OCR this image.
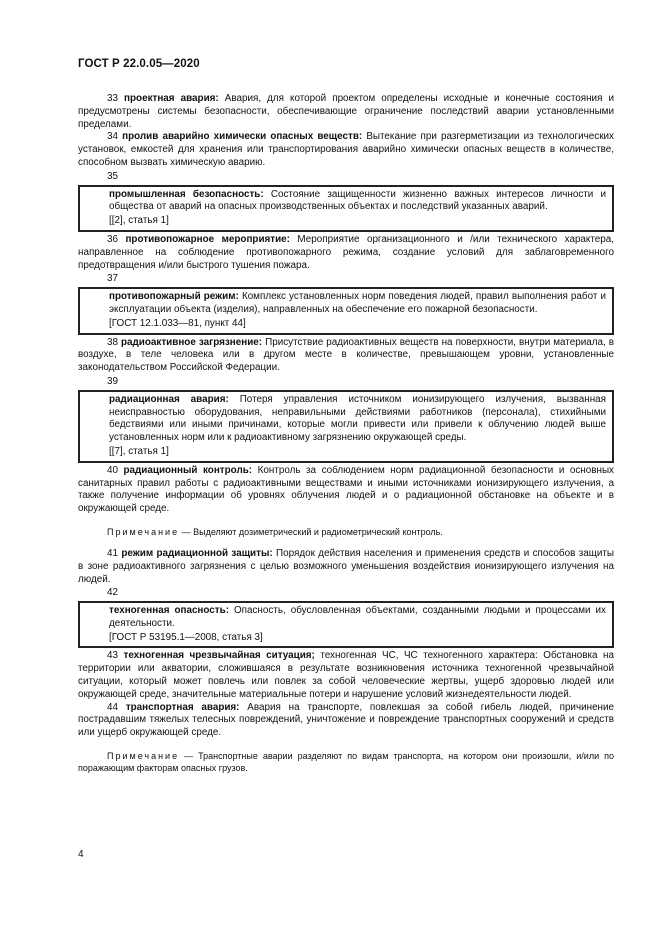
ГОСТ Р 22.0.05—2020

33 проектная авария: Авария, для которой проектом определены исходные и конечные состояния и предусмотрены системы безопасности, обеспечивающие ограничение последствий аварии установленными пределами.

34 пролив аварийно химически опасных веществ: Вытекание при разгерметизации из технологических установок, емкостей для хранения или транспортирования аварийно химически опасных веществ в количестве, способном вызвать химическую аварию.

35

промышленная безопасность: Состояние защищенности жизненно важных интересов личности и общества от аварий на опасных производственных объектах и последствий указанных аварий.

[[2], статья 1]

36 противопожарное мероприятие: Мероприятие организационного и /или технического характера, направленное на соблюдение противопожарного режима, создание условий для заблаговременного предотвращения и/или быстрого тушения пожара.

37

противопожарный режим: Комплекс установленных норм поведения людей, правил выполнения работ и эксплуатации объекта (изделия), направленных на обеспечение его пожарной безопасности.

[ГОСТ 12.1.033—81, пункт 44]

38 радиоактивное загрязнение: Присутствие радиоактивных веществ на поверхности, внутри материала, в воздухе, в теле человека или в другом месте в количестве, превышающем уровни, установленные законодательством Российской Федерации.

39

радиационная авария: Потеря управления источником ионизирующего излучения, вызванная неисправностью оборудования, неправильными действиями работников (персонала), стихийными бедствиями или иными причинами, которые могли привести или привели к облучению людей выше установленных норм или к радиоактивному загрязнению окружающей среды.

[[7], статья 1]

40 радиационный контроль: Контроль за соблюдением норм радиационной безопасности и основных санитарных правил работы с радиоактивными веществами и иными источниками ионизирующего излучения, а также получение информации об уровнях облучения людей и о радиационной обстановке на объекте и в окружающей среде.

Примечание — Выделяют дозиметрический и радиометрический контроль.

41 режим радиационной защиты: Порядок действия населения и применения средств и способов защиты в зоне радиоактивного загрязнения с целью возможного уменьшения воздействия ионизирующего излучения на людей.

42

техногенная опасность: Опасность, обусловленная объектами, созданными людьми и процессами их деятельности.

[ГОСТ Р 53195.1—2008, статья 3]

43 техногенная чрезвычайная ситуация; техногенная ЧС, ЧС техногенного характера: Обстановка на территории или акватории, сложившаяся в результате возникновения источника техногенной чрезвычайной ситуации, который может повлечь или повлек за собой человеческие жертвы, ущерб здоровью людей или окружающей среде, значительные материальные потери и нарушение условий жизнедеятельности людей.

44 транспортная авария: Авария на транспорте, повлекшая за собой гибель людей, причинение пострадавшим тяжелых телесных повреждений, уничтожение и повреждение транспортных сооружений и средств или ущерб окружающей среде.

Примечание — Транспортные аварии разделяют по видам транспорта, на котором они произошли, и/или по поражающим факторам опасных грузов.

4
